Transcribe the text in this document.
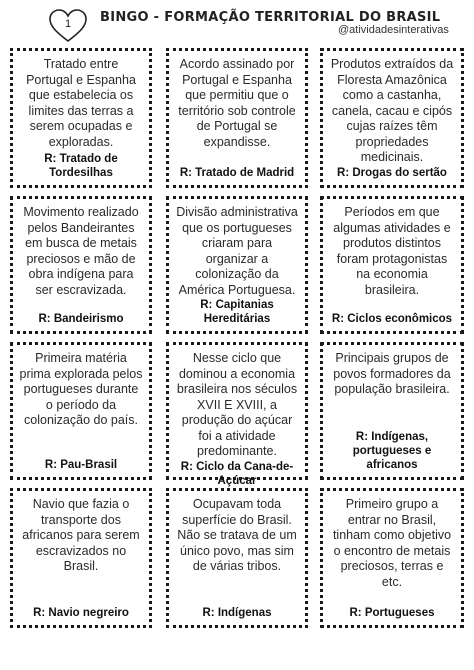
1	BINGO - FORMAÇÃO TERRITORIAL DO BRASIL
@atividadesinterativas
Tratado entre Portugal e Espanha que estabelecia os limites das terras a serem ocupadas e exploradas.
R: Tratado de Tordesilhas
Acordo assinado por Portugal e Espanha que permitiu que o território sob controle de Portugal se expandisse.
R: Tratado de Madrid
Produtos extraídos da Floresta Amazônica como a castanha, canela, cacau e cipós cujas raízes têm propriedades medicinais.
R: Drogas do sertão
Movimento realizado pelos Bandeirantes em busca de metais preciosos e mão de obra indígena para ser escravizada.
R: Bandeirismo
Divisão administrativa que os portugueses criaram para organizar a colonização da América Portuguesa.
R: Capitanias Hereditárias
Períodos em que algumas atividades e produtos distintos foram protagonistas na economia brasileira.
R: Ciclos econômicos
Primeira matéria prima explorada pelos portugueses durante o período da colonização do país.
R: Pau-Brasil
Nesse ciclo que dominou a economia brasileira nos séculos XVII E XVIII, a produção do açúcar foi a atividade predominante.
R: Ciclo da Cana-de-Açúcar
Principais grupos de povos formadores da população brasileira.
R: Indígenas, portugueses e africanos
Navio que fazia o transporte dos africanos para serem escravizados no Brasil.
R: Navio negreiro
Ocupavam toda superfície do Brasil. Não se tratava de um único povo, mas sim de várias tribos.
R: Indígenas
Primeiro grupo a entrar no Brasil, tinham como objetivo o encontro de metais preciosos, terras e etc.
R: Portugueses
